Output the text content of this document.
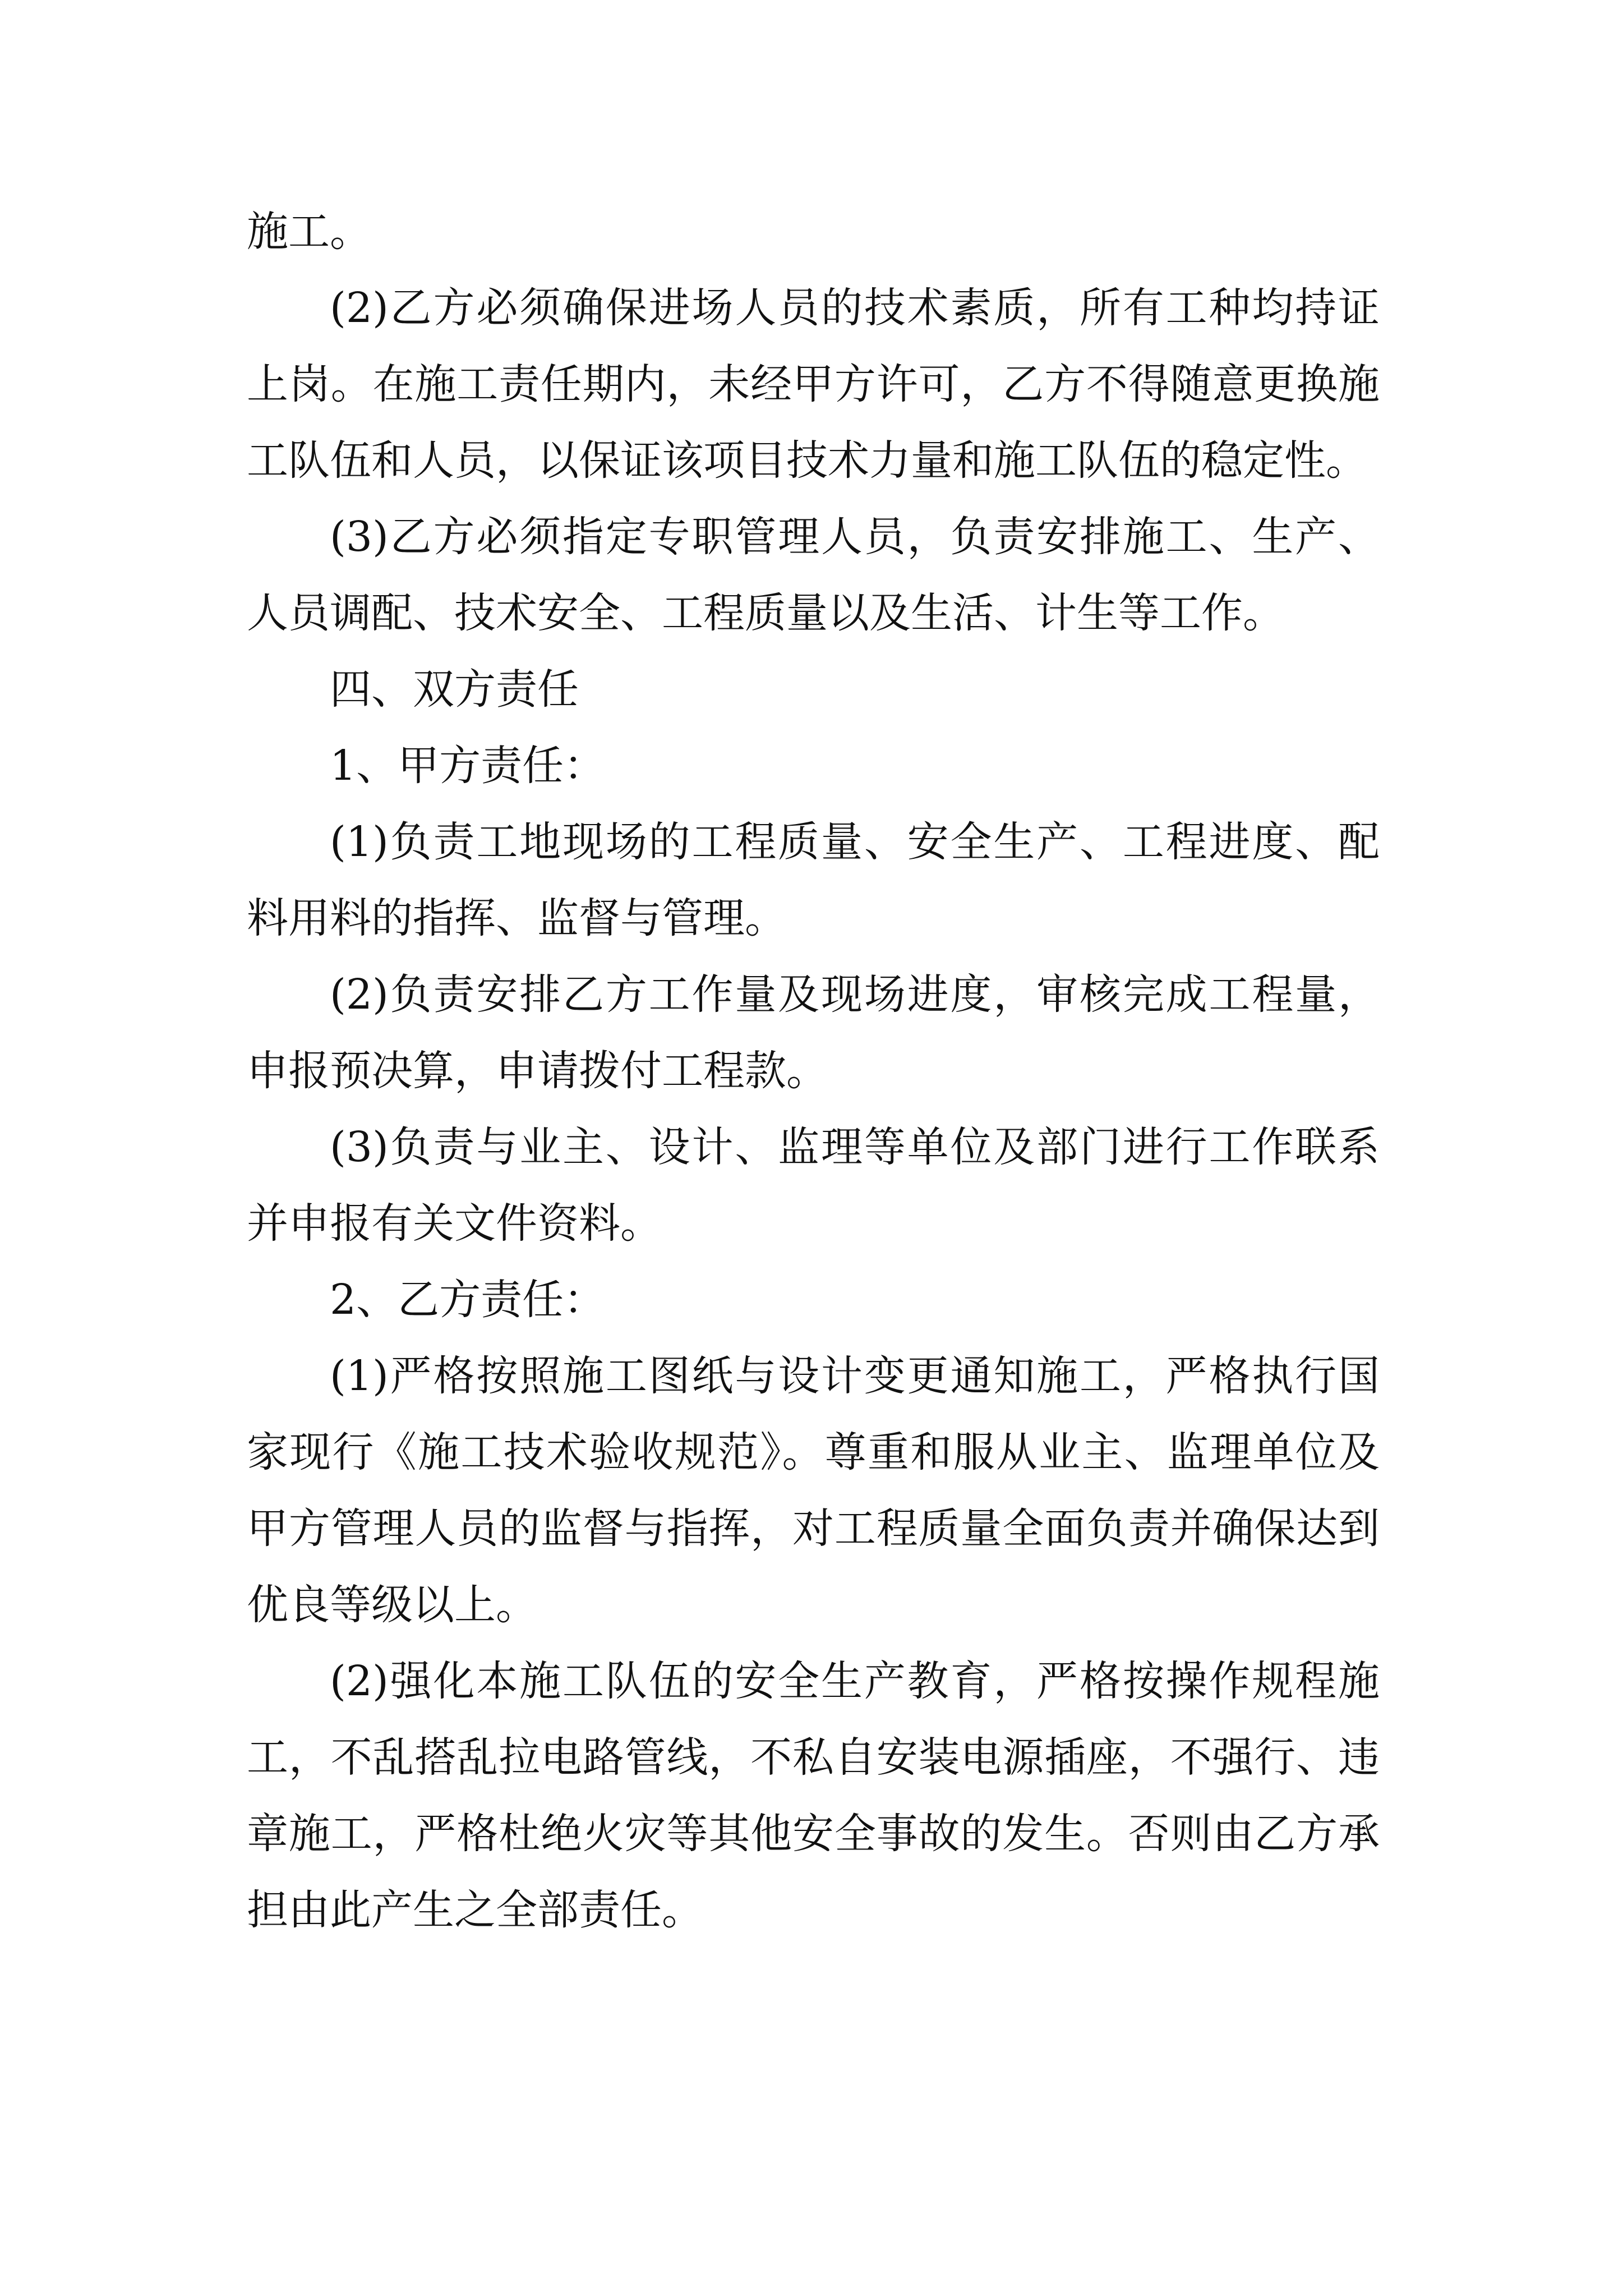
施工。

(2)乙方必须确保进场人员的技术素质，所有工种均持证上岗。在施工责任期内，未经甲方许可，乙方不得随意更换施工队伍和人员，以保证该项目技术力量和施工队伍的稳定性。

(3)乙方必须指定专职管理人员，负责安排施工、生产、人员调配、技术安全、工程质量以及生活、计生等工作。

四、双方责任

1、甲方责任：

(1)负责工地现场的工程质量、安全生产、工程进度、配料用料的指挥、监督与管理。

(2)负责安排乙方工作量及现场进度，审核完成工程量，申报预决算，申请拨付工程款。

(3)负责与业主、设计、监理等单位及部门进行工作联系并申报有关文件资料。

2、乙方责任：

(1)严格按照施工图纸与设计变更通知施工，严格执行国家现行《施工技术验收规范》。尊重和服从业主、监理单位及甲方管理人员的监督与指挥，对工程质量全面负责并确保达到优良等级以上。

(2)强化本施工队伍的安全生产教育，严格按操作规程施工，不乱搭乱拉电路管线，不私自安装电源插座，不强行、违章施工，严格杜绝火灾等其他安全事故的发生。否则由乙方承担由此产生之全部责任。
